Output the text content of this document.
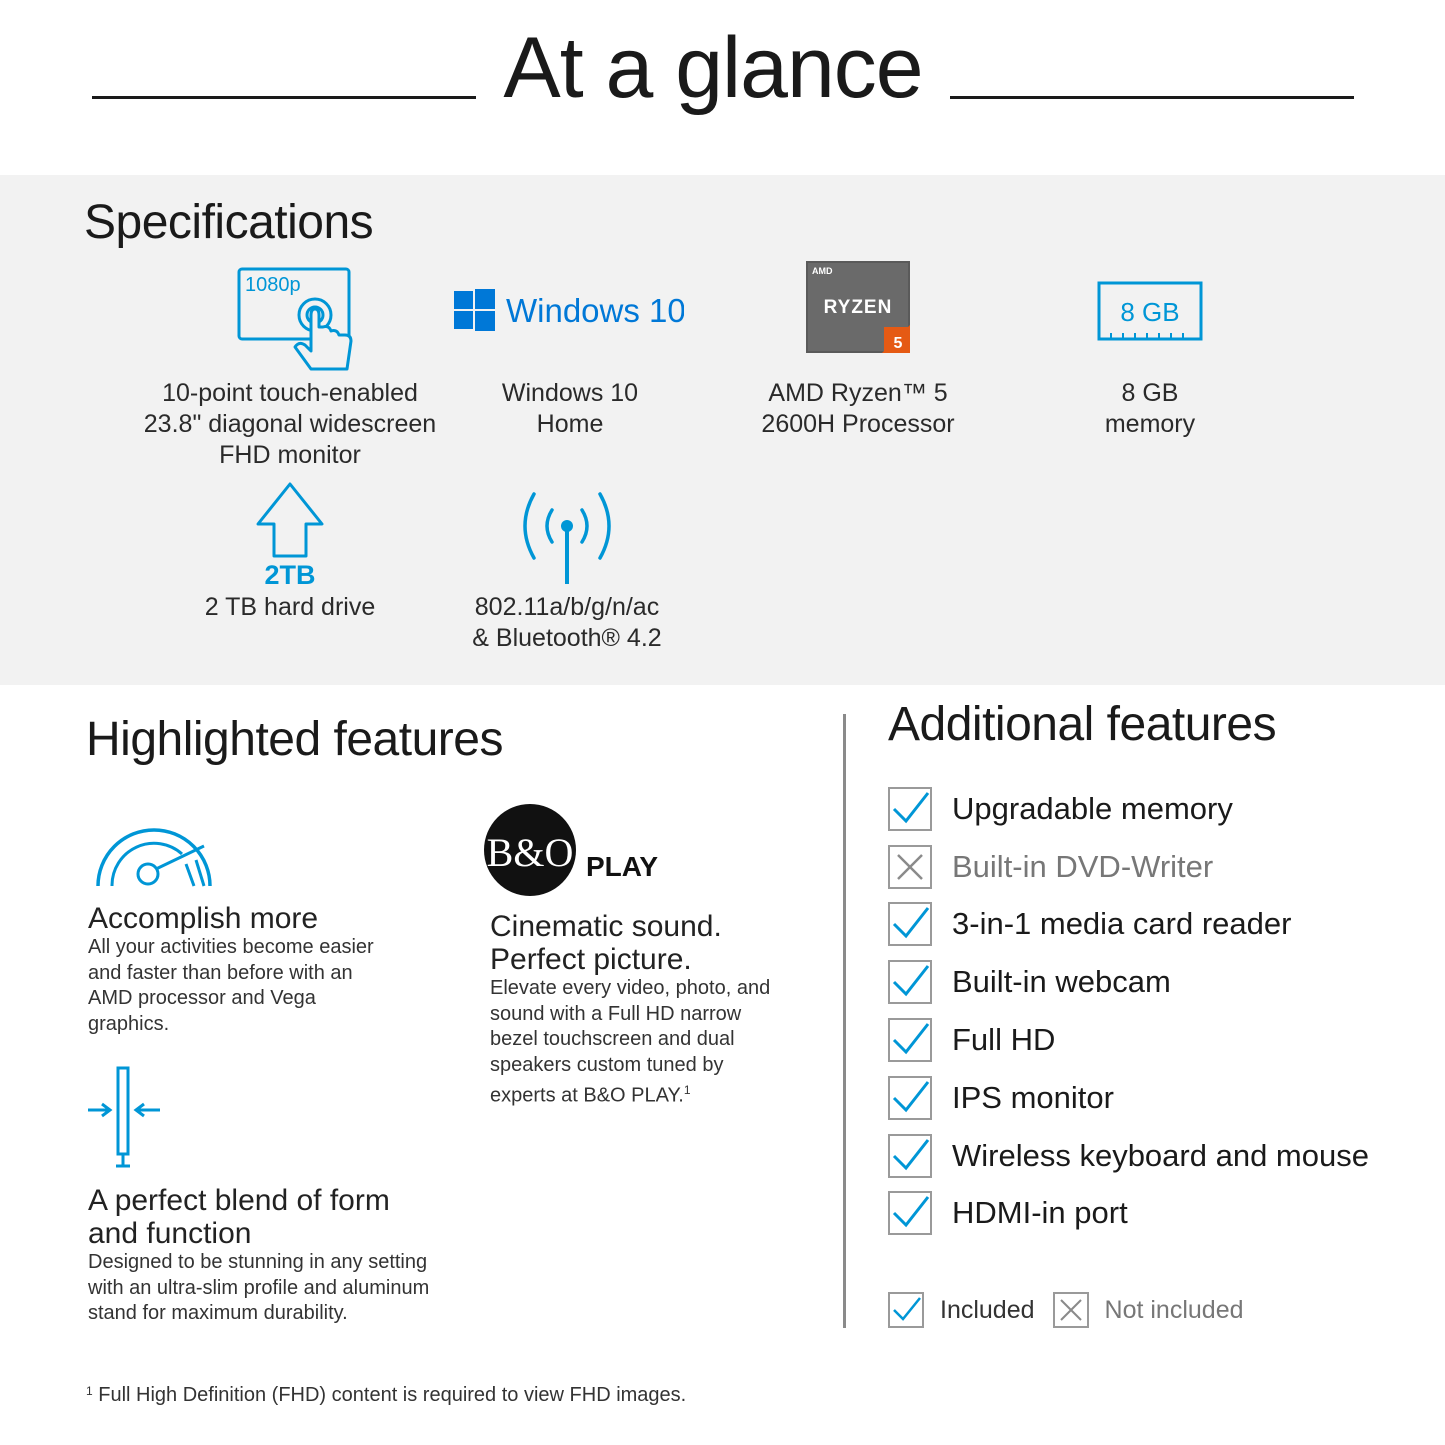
At a glance
Specifications
1080p
10-point touch-enabled
23.8" diagonal widescreen
FHD monitor
Windows 10
Windows 10
Home
AMD
RYZEN
5
AMD Ryzen™ 5
2600H Processor
8 GB
8 GB
memory
2TB
2 TB hard drive	802.11a/b/g/n/ac
& Bluetooth® 4.2
Highlighted features
Accomplish more
All your activities become easier
and faster than before with an
AMD processor and Vega
graphics.
A perfect blend of form
and function
Designed to be stunning in any setting
with an ultra-slim profile and aluminum
stand for maximum durability.
B&O PLAY
Cinematic sound.
Perfect picture.
Elevate every video, photo, and
sound with a Full HD narrow
bezel touchscreen and dual
speakers custom tuned by
experts at B&O PLAY.$^1$
Additional features
Upgradable memory
Built-in DVD-Writer
3-in-1 media card reader
Built-in webcam
Full HD
IPS monitor
Wireless keyboard and mouse
HDMI-in port
Included	Not included
$^1$ Full High Definition (FHD) content is required to view FHD images.
